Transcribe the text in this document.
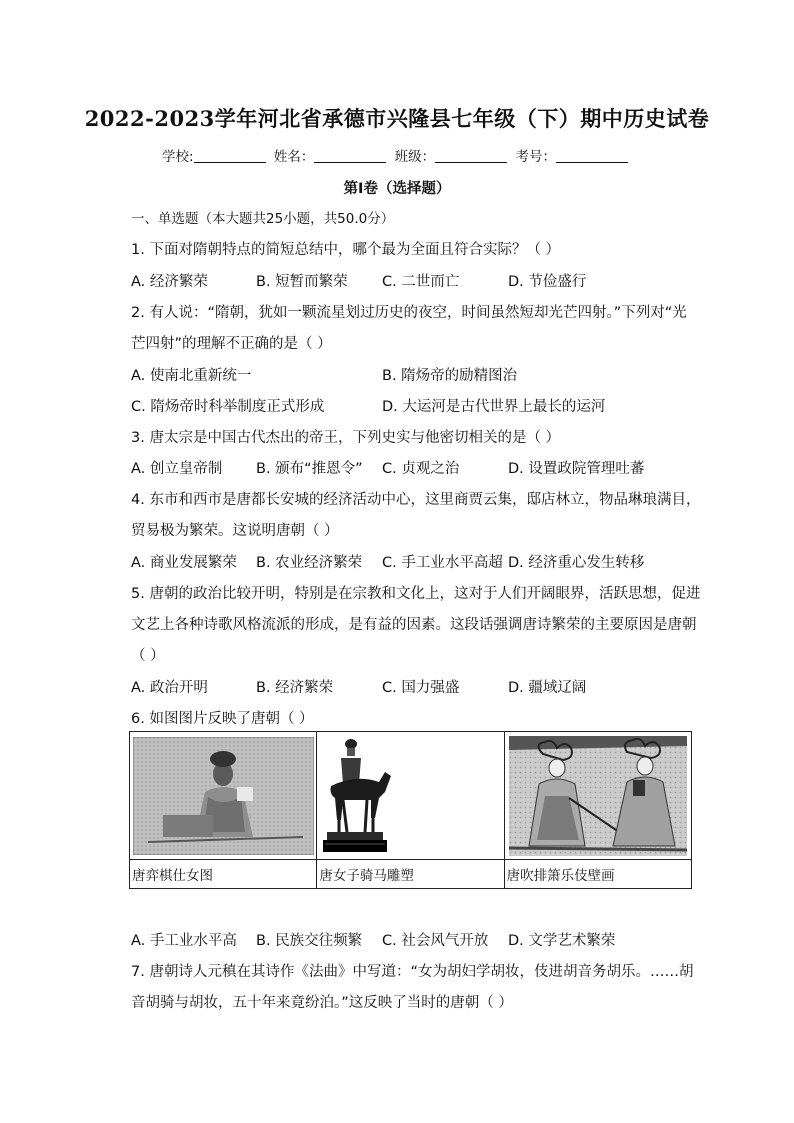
2022-2023学年河北省承德市兴隆县七年级（下）期中历史试卷
学校:	姓名：	班级：	考号：
第Ⅰ卷（选择题）
一、单选题（本大题共25小题，共50.0分）
1. 下面对隋朝特点的简短总结中，哪个最为全面且符合实际？（ ）
A. 经济繁荣	B. 短暂而繁荣 C. 二世而亡	D. 节俭盛行
2. 有人说：“隋朝，犹如一颗流星划过历史的夜空，时间虽然短却光芒四射。”下列对“光
芒四射”的理解不正确的是（ ）
A. 使南北重新统一	B. 隋炀帝的励精图治
C. 隋炀帝时科举制度正式形成	D. 大运河是古代世界上最长的运河
3. 唐太宗是中国古代杰出的帝王，下列史实与他密切相关的是（ ）
A. 创立皇帝制 B. 颁布“推恩令” C. 贞观之治	D. 设置政院管理吐蕃
4. 东市和西市是唐都长安城的经济活动中心，这里商贾云集，邸店林立，物品琳琅满目，
贸易极为繁荣。这说明唐朝（ ）
A. 商业发展繁荣 B. 农业经济繁荣 C. 手工业水平高超 D. 经济重心发生转移
5. 唐朝的政治比较开明，特别是在宗教和文化上，这对于人们开阔眼界，活跃思想，促进
文艺上各种诗歌风格流派的形成，是有益的因素。这段话强调唐诗繁荣的主要原因是唐朝
（ ）
A. 政治开明	B. 经济繁荣	C. 国力强盛	D. 疆域辽阔
6. 如图图片反映了唐朝（ ）

唐弈棋仕女图	唐女子骑马雕塑	唐吹排箫乐伎壁画
A. 手工业水平高 B. 民族交往频繁 C. 社会风气开放 D. 文学艺术繁荣
7. 唐朝诗人元稹在其诗作《法曲》中写道：“女为胡妇学胡妆，伎进胡音务胡乐。……胡
音胡骑与胡妆，五十年来竟纷泊。”这反映了当时的唐朝（ ）
